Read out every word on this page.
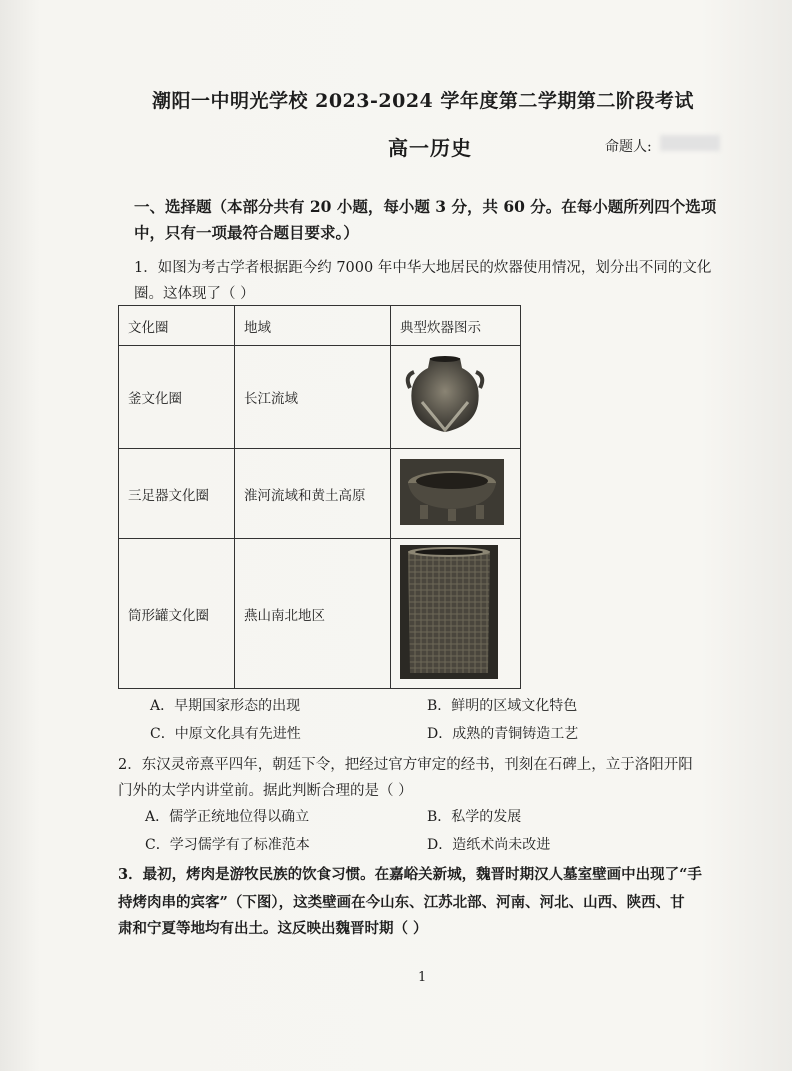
潮阳一中明光学校 2023-2024 学年度第二学期第二阶段考试
高一历史	命题人:
一、选择题（本部分共有 20 小题，每小题 3 分，共 60 分。在每小题所列四个选项中，只有一项最符合题目要求。）
1．如图为考古学者根据距今约 7000 年中华大地居民的炊器使用情况，划分出不同的文化
圈。这体现了（ ）
文化圈	地域	典型炊器图示
釜文化圈	长江流域	
三足器文化圈	淮河流域和黄土高原	
筒形罐文化圈	燕山南北地区	
A．早期国家形态的出现	B．鲜明的区域文化特色
C．中原文化具有先进性	D．成熟的青铜铸造工艺
2．东汉灵帝熹平四年，朝廷下令，把经过官方审定的经书，刊刻在石碑上，立于洛阳开阳
门外的太学内讲堂前。据此判断合理的是（ ）
A．儒学正统地位得以确立	B．私学的发展
C．学习儒学有了标准范本	D．造纸术尚未改进
3．最初，烤肉是游牧民族的饮食习惯。在嘉峪关新城，魏晋时期汉人墓室壁画中出现了“手
持烤肉串的宾客”（下图），这类壁画在今山东、江苏北部、河南、河北、山西、陕西、甘
肃和宁夏等地均有出土。这反映出魏晋时期（ ）
1
